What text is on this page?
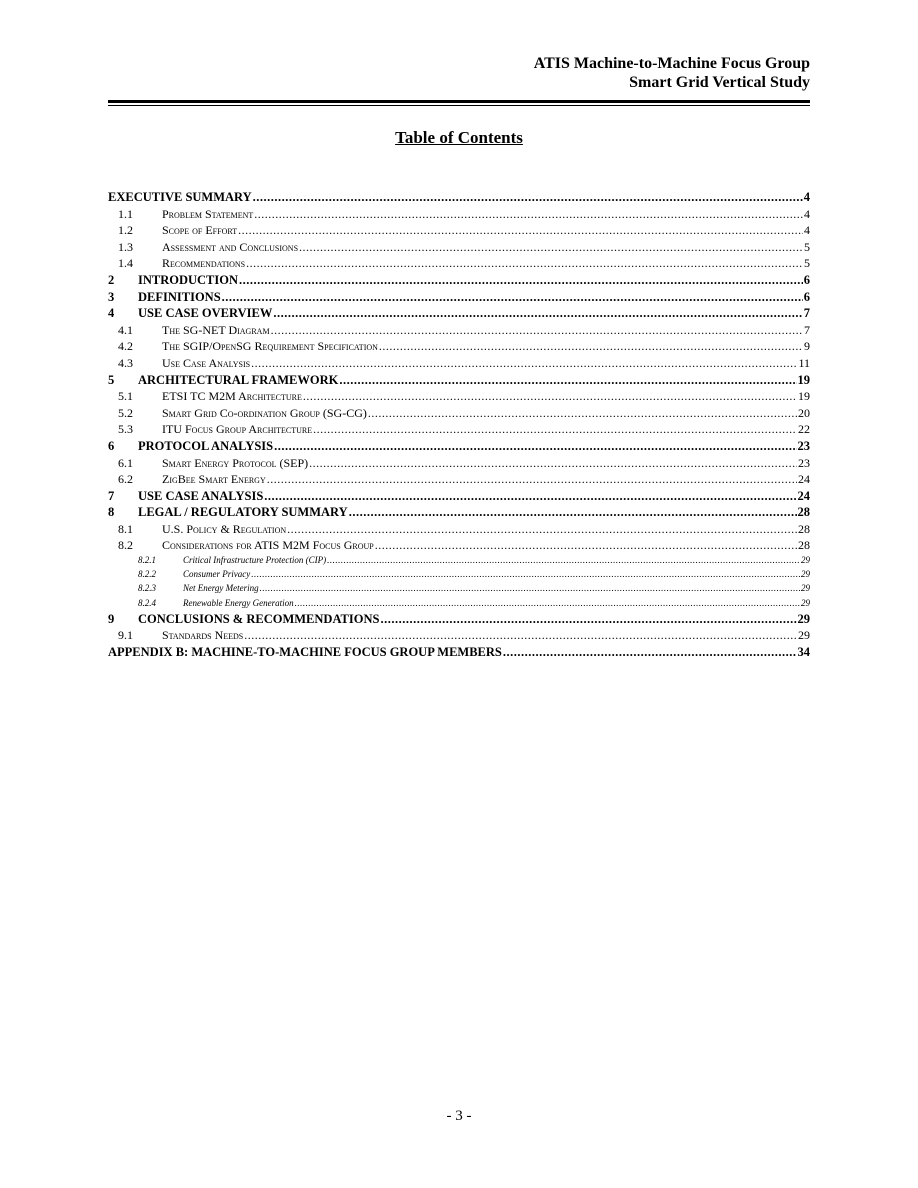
ATIS Machine-to-Machine Focus Group
Smart Grid Vertical Study
Table of Contents
EXECUTIVE SUMMARY .....	4
1.1	Problem Statement .....	4
1.2	Scope of Effort .....	4
1.3	Assessment and Conclusions .....	5
1.4	Recommendations .....	5
2	INTRODUCTION .....	6
3	DEFINITIONS .....	6
4	USE CASE OVERVIEW .....	7
4.1	The SG-NET Diagram .....	7
4.2	The SGIP/OpenSG Requirement Specification .....	9
4.3	Use Case Analysis .....	11
5	ARCHITECTURAL FRAMEWORK .....	19
5.1	ETSI TC M2M Architecture .....	19
5.2	Smart Grid Co-ordination Group (SG-CG) .....	20
5.3	ITU Focus Group Architecture .....	22
6	PROTOCOL ANALYSIS .....	23
6.1	Smart Energy Protocol (SEP) .....	23
6.2	ZigBee Smart Energy .....	24
7	USE CASE ANALYSIS .....	24
8	LEGAL / REGULATORY SUMMARY .....	28
8.1	U.S. Policy & Regulation .....	28
8.2	Considerations for ATIS M2M Focus Group .....	28
8.2.1	Critical Infrastructure Protection (CIP) .....	29
8.2.2	Consumer Privacy .....	29
8.2.3	Net Energy Metering .....	29
8.2.4	Renewable Energy Generation .....	29
9	CONCLUSIONS & RECOMMENDATIONS .....	29
9.1	Standards Needs .....	29
APPENDIX B: MACHINE-TO-MACHINE FOCUS GROUP MEMBERS .....	34
- 3 -
